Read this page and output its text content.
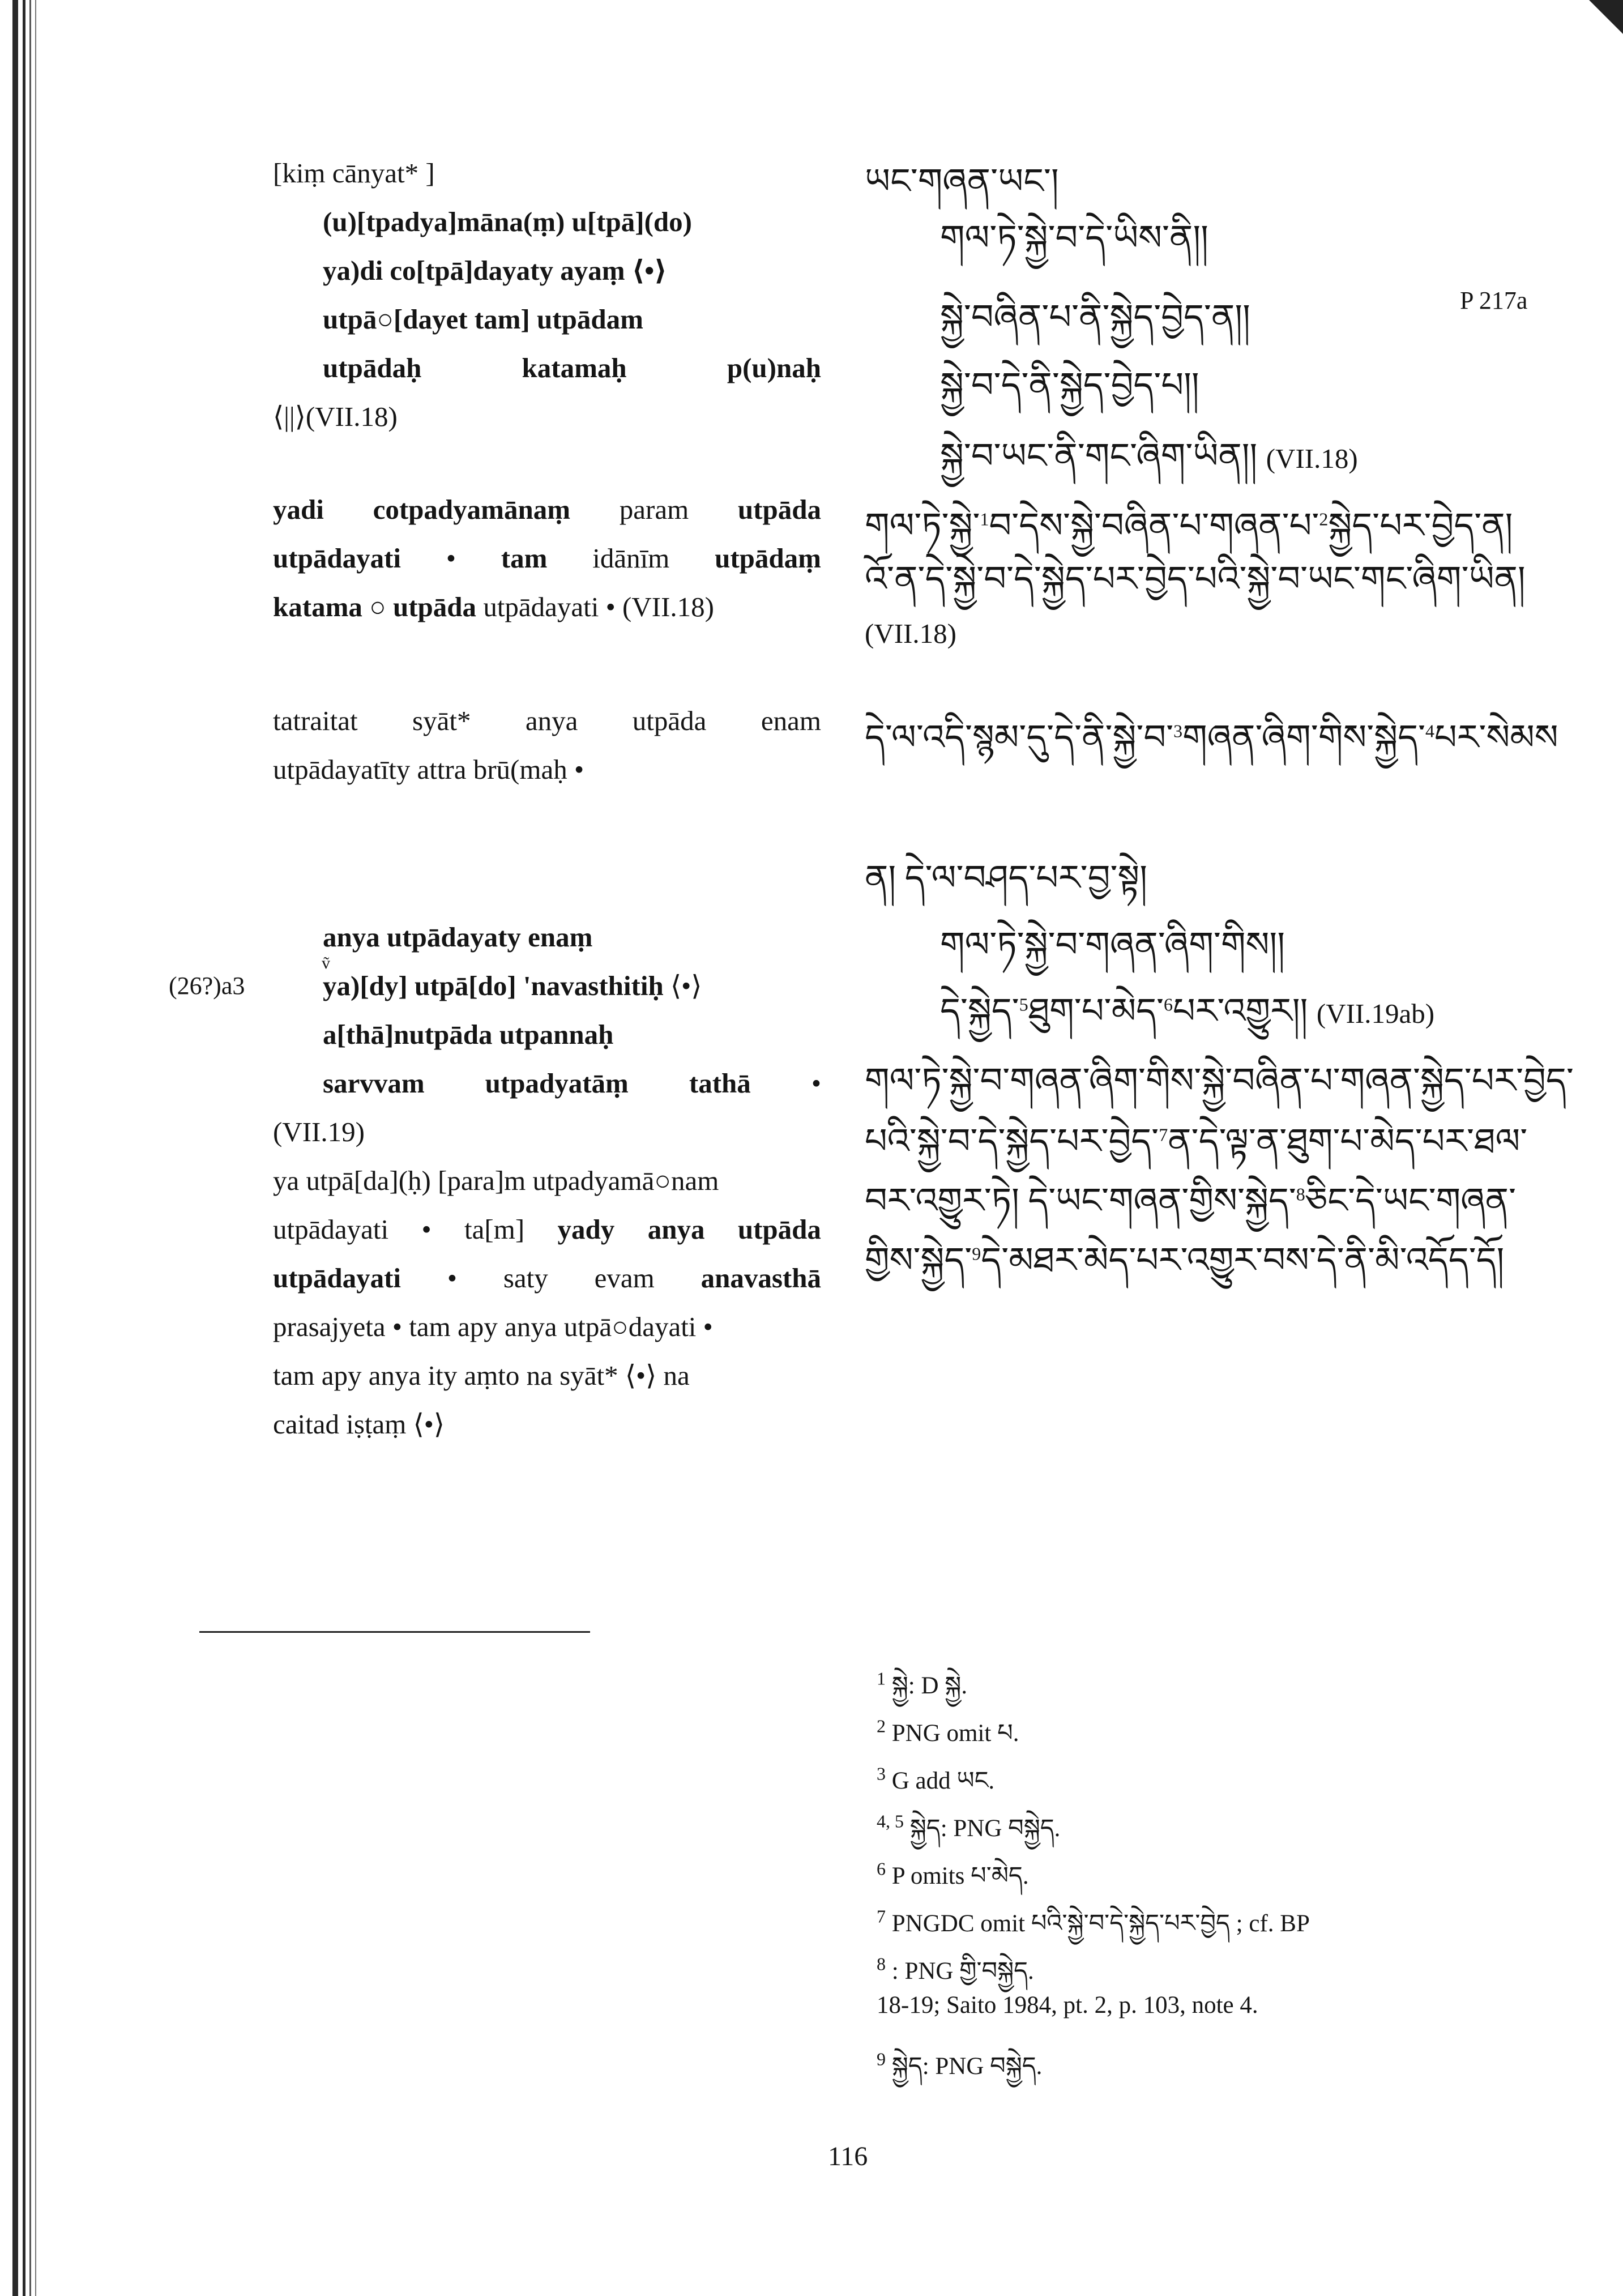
P 217a
(26?)a3
[kiṃ cānyat* ]
(u)[tpadya]māna(ṃ) u[tpā](do)
ya)di co[tpā]dayaty ayaṃ ⟨•⟩
utpā○[dayet tam] utpādam
utpādaḥ	katamaḥ	p(u)naḥ
⟨||⟩(VII.18)
yadi cotpadyamānaṃ param utpāda
utpādayati • tam idānīm utpādaṃ
katama ○ utpāda utpādayati • (VII.18)
tatraitat syāt* anya utpāda enam
utpādayatīty attra brū(maḥ •
anya utpādayaty enaṃ
ya)[dy] utpā[do] 'navasthitiḥ ⟨•⟩
a[thā]nutpāda utpannaḥ
sarvvam utpadyatāṃ tathā •
(VII.19)
ya utpā[da](ḥ) [para]m utpadyamā○nam
utpādayati • ta[m] yady anya utpāda
utpādayati • saty evam anavasthā
prasajyeta • tam apy anya utpā○dayati •
tam apy anya ity aṃto na syāt* ⟨•⟩ na
caitad iṣṭaṃ ⟨•⟩
ṽ
ཡང་གཞན་ཡང་།
གལ་ཏེ་སྐྱེ་བ་དེ་ཡིས་ནི།།
སྐྱེ་བཞིན་པ་ནི་སྐྱེད་བྱེད་ན།།
སྐྱེ་བ་དེ་ནི་སྐྱེད་བྱེད་པ།།
སྐྱེ་བ་ཡང་ནི་གང་ཞིག་ཡིན།། (VII.18)
གལ་ཏེ་སྐྱེ་$^1$བ་དེས་སྐྱེ་བཞིན་པ་གཞན་པ་$^2$སྐྱེད་པར་བྱེད་ན།
འོ་ན་དེ་སྐྱེ་བ་དེ་སྐྱེད་པར་བྱེད་པའི་སྐྱེ་བ་ཡང་གང་ཞིག་ཡིན།
(VII.18)
དེ་ལ་འདི་སྙམ་དུ་དེ་ནི་སྐྱེ་བ་$^3$གཞན་ཞིག་གིས་སྐྱེད་$^4$པར་སེམས
ན། དེ་ལ་བཤད་པར་བྱ་སྟེ།
གལ་ཏེ་སྐྱེ་བ་གཞན་ཞིག་གིས།།
དེ་སྐྱེད་$^5$ཐུག་པ་མེད་$^6$པར་འགྱུར།། (VII.19ab)
གལ་ཏེ་སྐྱེ་བ་གཞན་ཞིག་གིས་སྐྱེ་བཞིན་པ་གཞན་སྐྱེད་པར་བྱེད་
པའི་སྐྱེ་བ་དེ་སྐྱེད་པར་བྱེད་$^7$ན་དེ་ལྟ་ན་ཐུག་པ་མེད་པར་ཐལ་
བར་འགྱུར་ཏེ། དེ་ཡང་གཞན་གྱིས་སྐྱེད་$^8$ཅིང་དེ་ཡང་གཞན་
གྱིས་སྐྱེད་$^9$དེ་མཐར་མེད་པར་འགྱུར་བས་དེ་ནི་མི་འདོད་དོ།
$^1$ སྐྱེ: D སྐྱེ.
$^2$ PNG omit པ.
$^3$ G add ཡང.
$^{4, 5}$ སྐྱེད: PNG བསྐྱེད.
$^6$ P omits པ་མེད.
$^7$ PNGDC omit པའི་སྐྱེ་བ་དེ་སྐྱེད་པར་བྱེད ; cf. BP
$^8$ : PNG གྱི་བསྐྱེད.
18-19; Saito 1984, pt. 2, p. 103, note 4.
$^9$ སྐྱེད: PNG བསྐྱེད.
116
